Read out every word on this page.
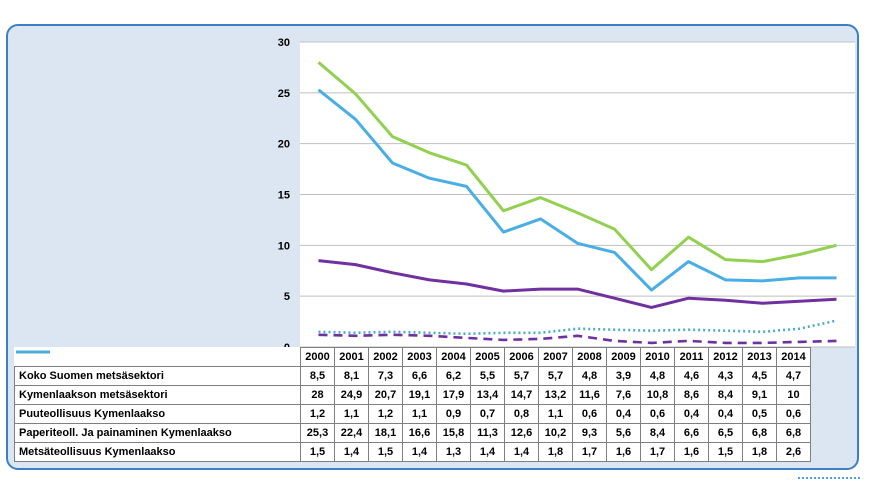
5
10
15
20
25
30
	2000	2001	2002	2003	2004	2005	2006	2007	2008	2009	2010	2011	2012	2013	2014

Koko Suomen metsäsektori	8,5	8,1	7,3	6,6	6,2	5,5	5,7	5,7	4,8	3,9	4,8	4,6	4,3	4,5	4,7

Kymenlaakson metsäsektori	28	24,9	20,7	19,1	17,9	13,4	14,7	13,2	11,6	7,6	10,8	8,6	8,4	9,1	10

Puuteollisuus Kymenlaakso	1,2	1,1	1,2	1,1	0,9	0,7	0,8	1,1	0,6	0,4	0,6	0,4	0,4	0,5	0,6

Paperiteoll. Ja painaminen Kymenlaakso	25,3	22,4	18,1	16,6	15,8	11,3	12,6	10,2	9,3	5,6	8,4	6,6	6,5	6,8	6,8

Metsäteollisuus Kymenlaakso	1,5	1,4	1,5	1,4	1,3	1,4	1,4	1,8	1,7	1,6	1,7	1,6	1,5	1,8	2,6
